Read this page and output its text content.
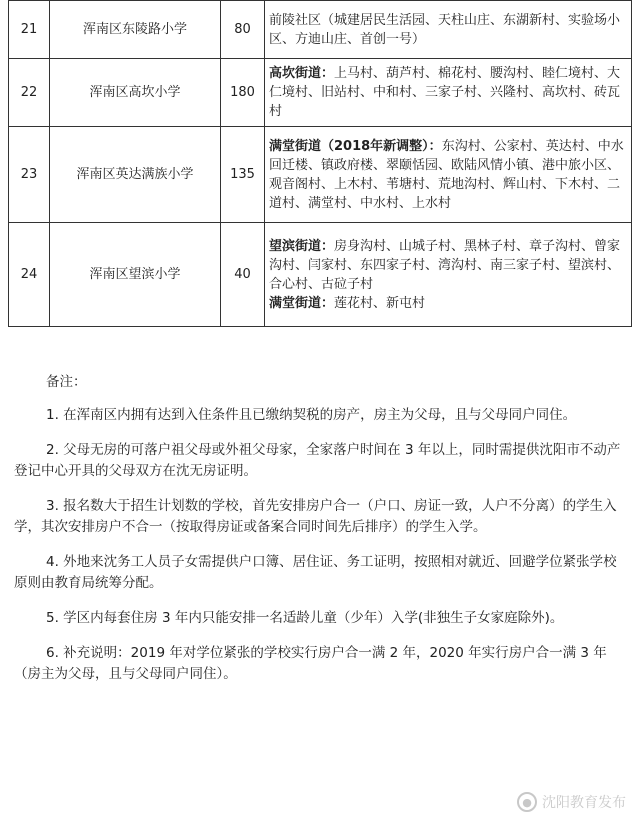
21	浑南区东陵路小学	80	前陵社区（城建居民生活园、天柱山庄、东湖新村、实验场小区、方迪山庄、首创一号）

22	浑南区高坎小学	180	高坎街道：上马村、葫芦村、棉花村、腰沟村、睦仁境村、大仁境村、旧站村、中和村、三家子村、兴隆村、高坎村、砖瓦村

23	浑南区英达满族小学	135	满堂街道（2018年新调整）：东沟村、公家村、英达村、中水回迁楼、镇政府楼、翠颐恬园、欧陆风情小镇、港中旅小区、观音阁村、上木村、苇塘村、荒地沟村、辉山村、下木村、二道村、满堂村、中水村、上水村

24	浑南区望滨小学	40	望滨街道：房身沟村、山城子村、黑林子村、章子沟村、曾家沟村、闫家村、东四家子村、湾沟村、南三家子村、望滨村、合心村、古砬子村
满堂街道：莲花村、新屯村

备注：

1. 在浑南区内拥有达到入住条件且已缴纳契税的房产，房主为父母，且与父母同户同住。

2. 父母无房的可落户祖父母或外祖父母家，全家落户时间在 3 年以上，同时需提供沈阳市不动产登记中心开具的父母双方在沈无房证明。

3. 报名数大于招生计划数的学校，首先安排房户合一（户口、房证一致，人户不分离）的学生入学，其次安排房户不合一（按取得房证或备案合同时间先后排序）的学生入学。

4. 外地来沈务工人员子女需提供户口簿、居住证、务工证明，按照相对就近、回避学位紧张学校原则由教育局统筹分配。

5. 学区内每套住房 3 年内只能安排一名适龄儿童（少年）入学(非独生子女家庭除外)。

6. 补充说明：2019 年对学位紧张的学校实行房户合一满 2 年，2020 年实行房户合一满 3 年（房主为父母，且与父母同户同住）。

● 沈阳教育发布
